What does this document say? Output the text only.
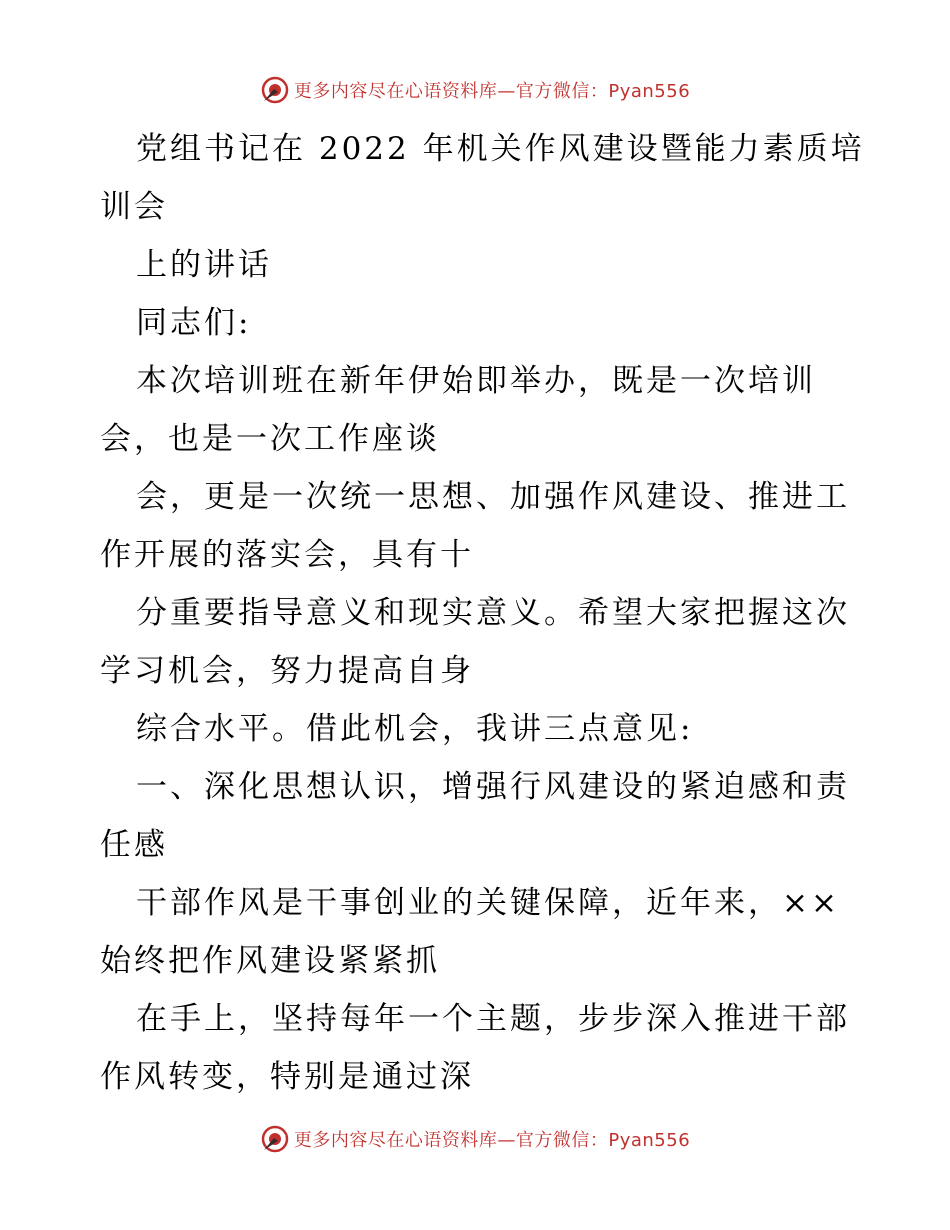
更多内容尽在心语资料库—官方微信：Pyan556
党组书记在 2022 年机关作风建设暨能力素质培
训会
上的讲话
同志们:
本次培训班在新年伊始即举办，既是一次培训
会，也是一次工作座谈
会，更是一次统一思想、加强作风建设、推进工
作开展的落实会，具有十
分重要指导意义和现实意义。希望大家把握这次
学习机会，努力提高自身
综合水平。借此机会，我讲三点意见:
一、深化思想认识，增强行风建设的紧迫感和责
任感
干部作风是干事创业的关键保障，近年来，××
始终把作风建设紧紧抓
在手上，坚持每年一个主题，步步深入推进干部
作风转变，特别是通过深
更多内容尽在心语资料库—官方微信：Pyan556
